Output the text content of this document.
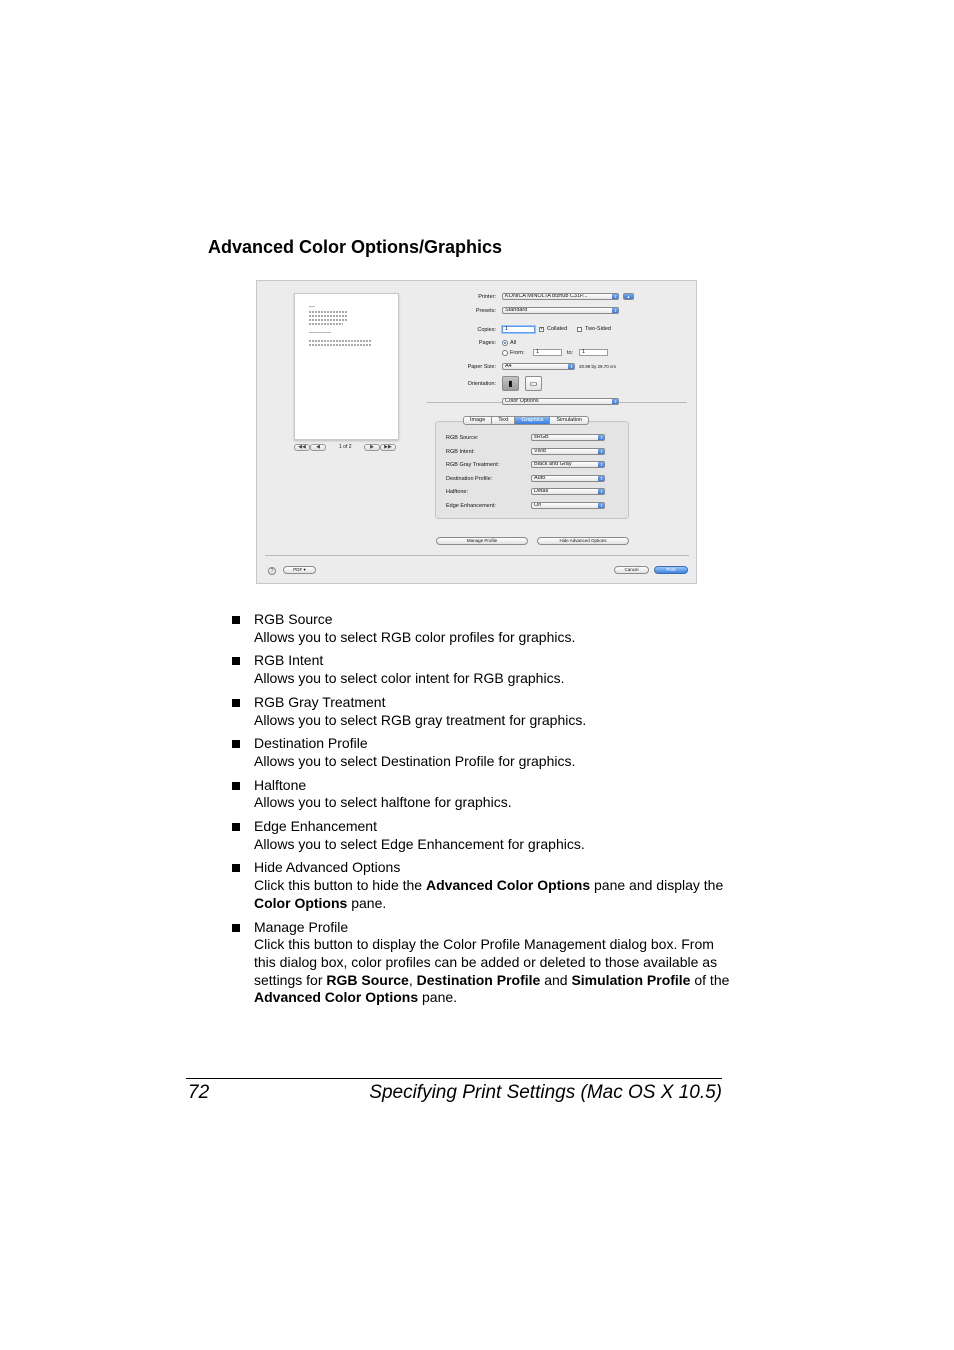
Advanced Color Options/Graphics
◀◀	◀	1 of 2	▶	▶▶
Printer:	KONICA MINOLTA bizhub C31P...	⇕	▲
Presets:	Standard	⇕
Copies:	1	✓ Collated	Two-Sided
Pages:	All
From:	1	to:	1
Paper Size:	A4	⇕	20.99 by 29.70 cm
Orientation:	▮	▭
Color Options	⇕
Image	Text	Graphics	Simulation
RGB Source:	sRGB	⇕
RGB Intent:	Vivid	⇕
RGB Gray Treatment:	Black and Gray	⇕
Destination Profile:	Auto	⇕
Halftone:	Detail	⇕
Edge Enhancement:	On	⇕
Manage Profile	Hide Advanced Options
?	PDF ▾	Cancel	Print
RGB Source
Allows you to select RGB color profiles for graphics.
RGB Intent
Allows you to select color intent for RGB graphics.
RGB Gray Treatment
Allows you to select RGB gray treatment for graphics.
Destination Profile
Allows you to select Destination Profile for graphics.
Halftone
Allows you to select halftone for graphics.
Edge Enhancement
Allows you to select Edge Enhancement for graphics.
Hide Advanced Options
Click this button to hide the Advanced Color Options pane and display the Color Options pane.
Manage Profile
Click this button to display the Color Profile Management dialog box. From this dialog box, color profiles can be added or deleted to those available as settings for RGB Source, Destination Profile and Simulation Profile of the Advanced Color Options pane.
72	Specifying Print Settings (Mac OS X 10.5)
